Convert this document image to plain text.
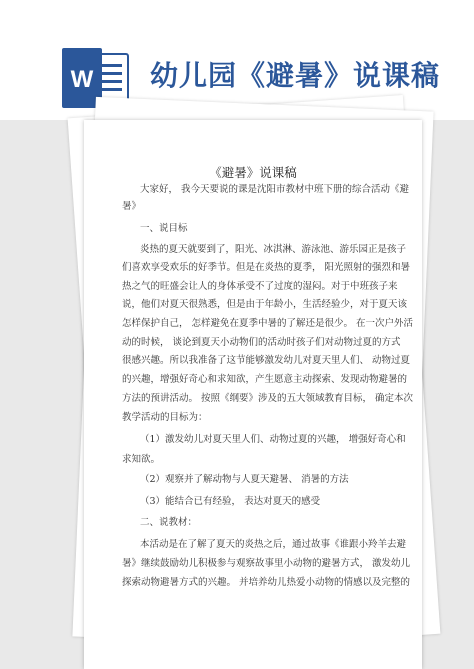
W 幼儿园《避暑》说课稿
《避暑》说课稿
大家好， 我今天要说的课是沈阳市教材中班下册的综合活动《避
暑》
一、说目标
炎热的夏天就要到了，阳光、冰淇淋、游泳池、游乐园正是孩子
们喜欢享受欢乐的好季节。但是在炎热的夏季， 阳光照射的强烈和暑
热之气的旺盛会让人的身体承受不了过度的湿闷。对于中班孩子来
说，他们对夏天很熟悉，但是由于年龄小，生活经验少，对于夏天该
怎样保护自己， 怎样避免在夏季中暑的了解还是很少。 在一次户外活
动的时候， 谈论到夏天小动物们的活动时孩子们对动物过夏的方式
很感兴趣。所以我准备了这节能够激发幼儿对夏天里人们、 动物过夏
的兴趣，增强好奇心和求知欲，产生愿意主动探索、发现动物避暑的
方法的预讲活动。 按照《纲要》涉及的五大领域教育目标， 确定本次
教学活动的目标为：
（1）激发幼儿对夏天里人们、动物过夏的兴趣， 增强好奇心和
求知欲。
（2）观察并了解动物与人夏天避暑、 消暑的方法
（3）能结合已有经验， 表达对夏天的感受
二、说教材：
本活动是在了解了夏天的炎热之后，通过故事《谁跟小羚羊去避
暑》继续鼓励幼儿积极参与观察故事里小动物的避暑方式， 激发幼儿
探索动物避暑方式的兴趣。 并培养幼儿热爱小动物的情感以及完整的
